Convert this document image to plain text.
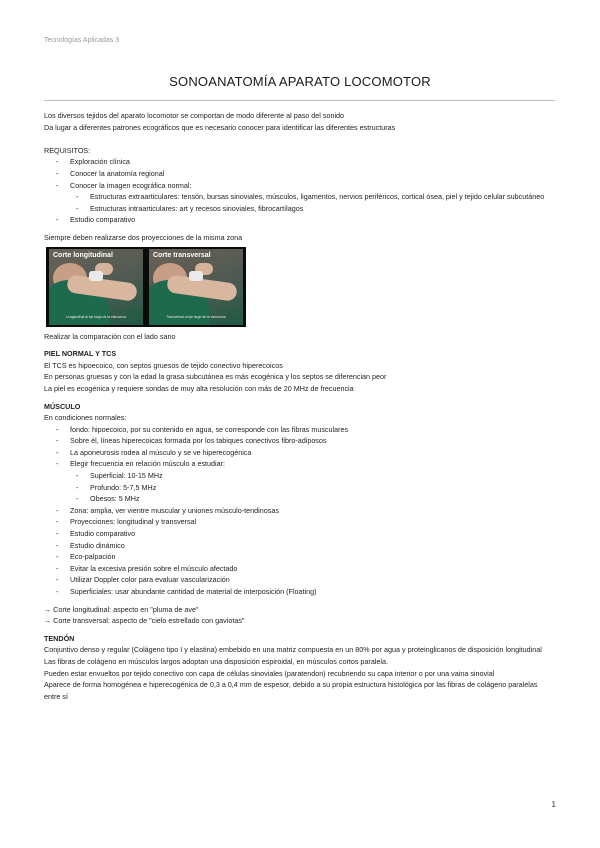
Tecnologías Aplicadas 3
SONOANATOMÍA APARATO LOCOMOTOR

Los diversos tejidos del aparato locomotor se comportan de modo diferente al paso del sonido

Da lugar a diferentes patrones ecográficos que es necesario conocer para identificar las diferentes estructuras

REQUISITOS:

- Exploración clínica
- Conocer la anatomía regional
- Conocer la imagen ecográfica normal:
- Estructuras extraarticulares: tensón, bursas sinoviales, músculos, ligamentos, nervios periféricos, cortical ósea, piel y tejido celular subcutáneo
- Estructuras intraarticulares: art y recesos sinoviales, fibrocartílagos
- Estudio comparativo

Siempre deben realizarse dos proyecciones de la misma zona

Corte longitudinal
Longitudinal al eje largo de la estructura
Corte transversal
Transversal al eje largo de la estructura

Realizar la comparación con el lado sano

PIEL NORMAL Y TCS

El TCS es hipoecoico, con septos gruesos de tejido conectivo hiperecoicos

En personas gruesas y con la edad la grasa subcutánea es más ecogénica y los septos se diferencian peor

La piel es ecogénica y requiere sondas de muy alta resolución con más de 20 MHz de frecuencia

MÚSCULO

En condiciones normales:

- fondo: hipoecoico, por su contenido en agua, se corresponde con las fibras musculares
- Sobre él, líneas hiperecoicas formada por los tabiques conectivos fibro-adiposos
- La aponeurosis rodea al músculo y se ve hiperecogénica
- Elegir frecuencia en relación músculo a estudiar:
- Superficial: 10-15 MHz
- Profundo: 5-7,5 MHz
- Obesos: 5 MHz
- Zona: amplia, ver vientre muscular y uniones músculo-tendinosas
- Proyecciones: longitudinal y transversal
- Estudio comparativo
- Estudio dinámico
- Eco-palpación
- Evitar la excesiva presión sobre el músculo afectado
- Utilizar Doppler color para evaluar vascularización
- Superficiales: usar abundante cantidad de material de interposición (Floating)

→ Corte longitudinal: aspecto en "pluma de ave"

→ Corte transversal: aspecto de "cielo estrellado con gaviotas"

TENDÓN

Conjuntivo denso y regular (Colágeno tipo I y elastina) embebido en una matriz compuesta en un 80% por agua y proteinglicanos de disposición longitudinal

Las fibras de colágeno en músculos largos adoptan una disposición espiroidal, en músculos cortos paralela.

Pueden estar envueltos por tejido conectivo con capa de células sinoviales (paratendon) recubriendo su capa interior o por una vaina sinovial

Aparece de forma homogénea e hiperecogénica de 0,3 a 0,4 mm de espesor, debido a su propia estructura histológica por las fibras de colágeno paralelas entre sí

1
